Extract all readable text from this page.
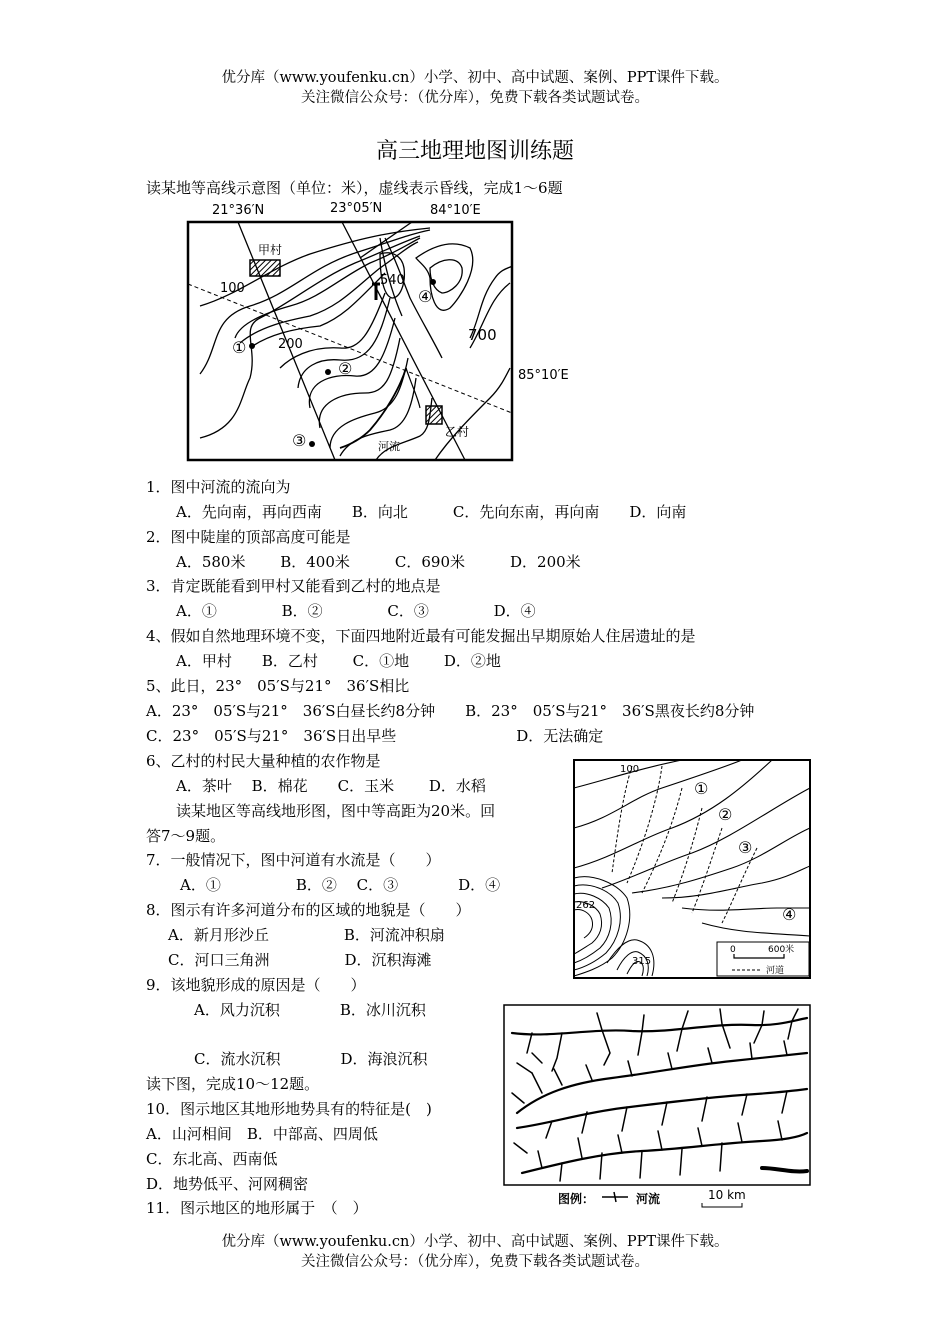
优分库（www.youfenku.cn）小学、初中、高中试题、案例、PPT课件下载。
关注微信公众号：（优分库），免费下载各类试题试卷。
高三地理地图训练题
读某地等高线示意图（单位：米），虚线表示昏线，完成1～6题
21°36′N	23°05′N	84°10′E
85°10′E
甲村
乙村
河流
100
200
540
700
①
②
③
④
1．图中河流的流向为
A．先向南，再向西南　　B．向北　　　C．先向东南，再向南　　D．向南
2．图中陡崖的顶部高度可能是
A．580米　　 B．400米　　　C．690米　　　D．200米
3．肯定既能看到甲村又能看到乙村的地点是
A．①　　　　 B．②　　　　 C．③　　　　 D．④
4、假如自然地理环境不变，下面四地附近最有可能发掘出早期原始人住居遗址的是
A．甲村　　B．乙村　　 C．①地　　 D．②地
5、此日，23°　05′S与21°　36′S相比
A．23°　05′S与21°　36′S白昼长约8分钟　　B．23°　05′S与21°　36′S黑夜长约8分钟
C．23°　05′S与21°　36′S日出早些　　　　　　　　D．无法确定
6、乙村的村民大量种植的农作物是
A．茶叶　 B．棉花　　C．玉米　　 D．水稻
读某地区等高线地形图，图中等高距为20米。回
答7～9题。
7．一般情况下，图中河道有水流是（　　）
A．①　　　　　B．②　 C．③　　　　D．④
8．图示有许多河道分布的区域的地貌是（　　）
A．新月形沙丘　　　　　B．河流冲积扇
C．河口三角洲　　　　　D．沉积海滩
9．该地貌形成的原因是（　　）
A．风力沉积　　　　B．冰川沉积
C．流水沉积　　　　D．海浪沉积
读下图，完成10～12题。
10．图示地区其地形地势具有的特征是(　)
A．山河相间　B．中部高、四周低
C．东北高、西南低
D．地势低平、河网稠密
11．图示地区的地形属于　（　）
100
262
315
①
②
③
④
0	600米
河道
图例：	河流	10 km
优分库（www.youfenku.cn）小学、初中、高中试题、案例、PPT课件下载。
关注微信公众号：（优分库），免费下载各类试题试卷。
